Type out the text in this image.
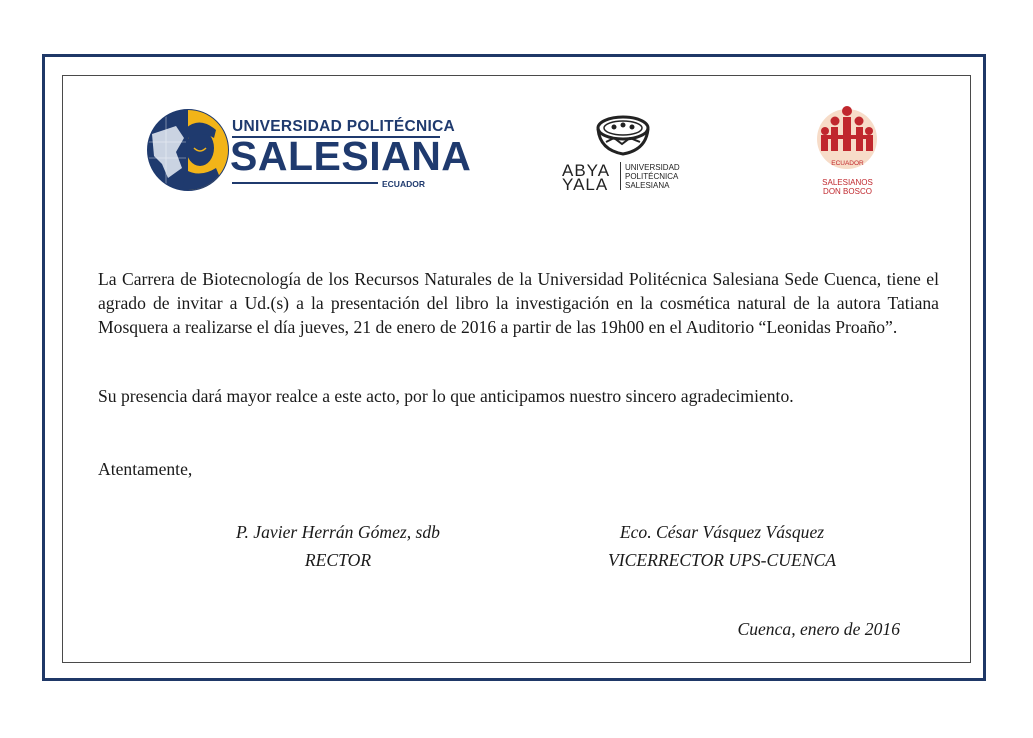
UNIVERSIDAD POLITÉCNICA
SALESIANA
ECUADOR
ABYA
YALA
UNIVERSIDAD
POLITÉCNICA
SALESIANA
ECUADOR
SALESIANOS
DON BOSCO

La Carrera de Biotecnología de los Recursos Naturales de la Universidad Politécnica Salesiana Sede Cuenca, tiene el agrado de invitar a Ud.(s) a la presentación del libro la investigación en la cosmética natural de la autora Tatiana Mosquera a realizarse el día jueves, 21 de enero de 2016 a partir de las 19h00 en el Auditorio “Leonidas Proaño”.

Su presencia dará mayor realce a este acto, por lo que anticipamos nuestro sincero agradecimiento.

Atentamente,

P. Javier Herrán Gómez, sdb
RECTOR
Eco. César Vásquez Vásquez
VICERRECTOR UPS-CUENCA
Cuenca, enero de 2016
